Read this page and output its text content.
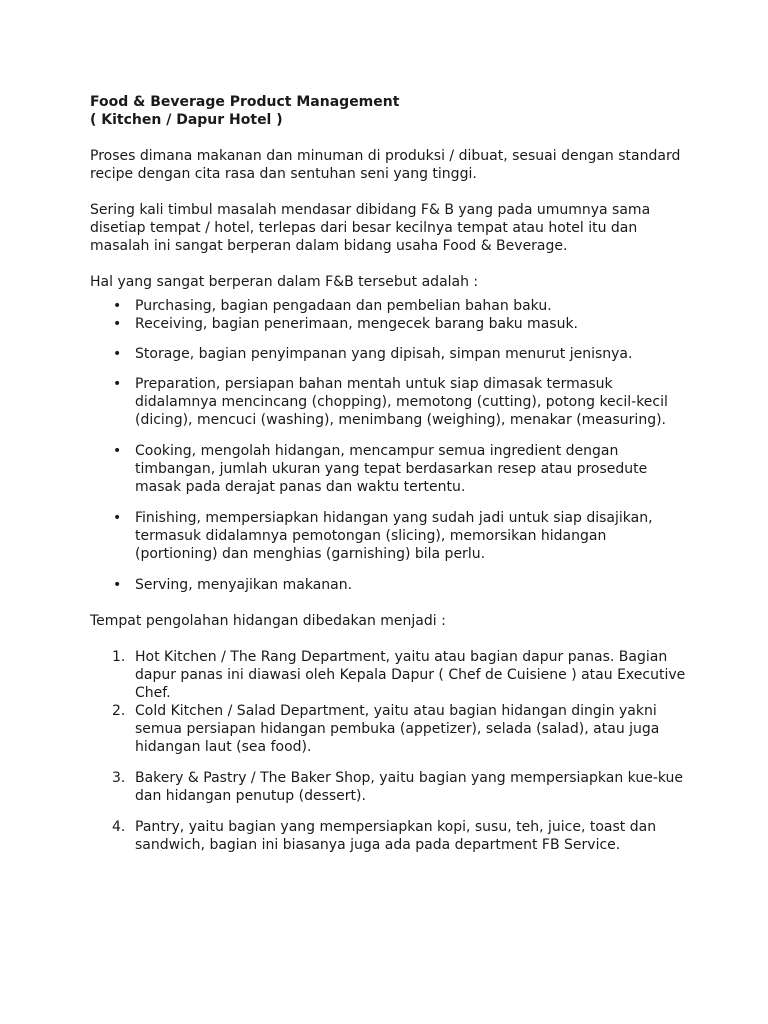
Food & Beverage Product Management

( Kitchen / Dapur Hotel )

Proses dimana makanan dan minuman di produksi / dibuat, sesuai dengan standard recipe dengan cita rasa dan sentuhan seni yang tinggi.

Sering kali timbul masalah mendasar dibidang F& B yang pada umumnya sama disetiap tempat / hotel, terlepas dari besar kecilnya tempat atau hotel itu dan masalah ini sangat berperan dalam bidang usaha Food & Beverage.

Hal yang sangat berperan dalam F&B tersebut adalah :

• Purchasing, bagian pengadaan dan pembelian bahan baku.
• Receiving, bagian penerimaan, mengecek barang baku masuk.
• Storage, bagian penyimpanan yang dipisah, simpan menurut jenisnya.
• Preparation, persiapan bahan mentah untuk siap dimasak termasuk didalamnya mencincang (chopping), memotong (cutting), potong kecil-kecil (dicing), mencuci (washing), menimbang (weighing), menakar (measuring).
• Cooking, mengolah hidangan, mencampur semua ingredient dengan timbangan, jumlah ukuran yang tepat berdasarkan resep atau prosedute masak pada derajat panas dan waktu tertentu.
• Finishing, mempersiapkan hidangan yang sudah jadi untuk siap disajikan, termasuk didalamnya pemotongan (slicing), memorsikan hidangan (portioning) dan menghias (garnishing) bila perlu.
• Serving, menyajikan makanan.

Tempat pengolahan hidangan dibedakan menjadi :

1. Hot Kitchen / The Rang Department, yaitu atau bagian dapur panas. Bagian dapur panas ini diawasi oleh Kepala Dapur ( Chef de Cuisiene ) atau Executive Chef.
2. Cold Kitchen / Salad Department, yaitu atau bagian hidangan dingin yakni semua persiapan hidangan pembuka (appetizer), selada (salad), atau juga hidangan laut (sea food).
3. Bakery & Pastry / The Baker Shop, yaitu bagian yang mempersiapkan kue-kue dan hidangan penutup (dessert).
4. Pantry, yaitu bagian yang mempersiapkan kopi, susu, teh, juice, toast dan sandwich, bagian ini biasanya juga ada pada department FB Service.
